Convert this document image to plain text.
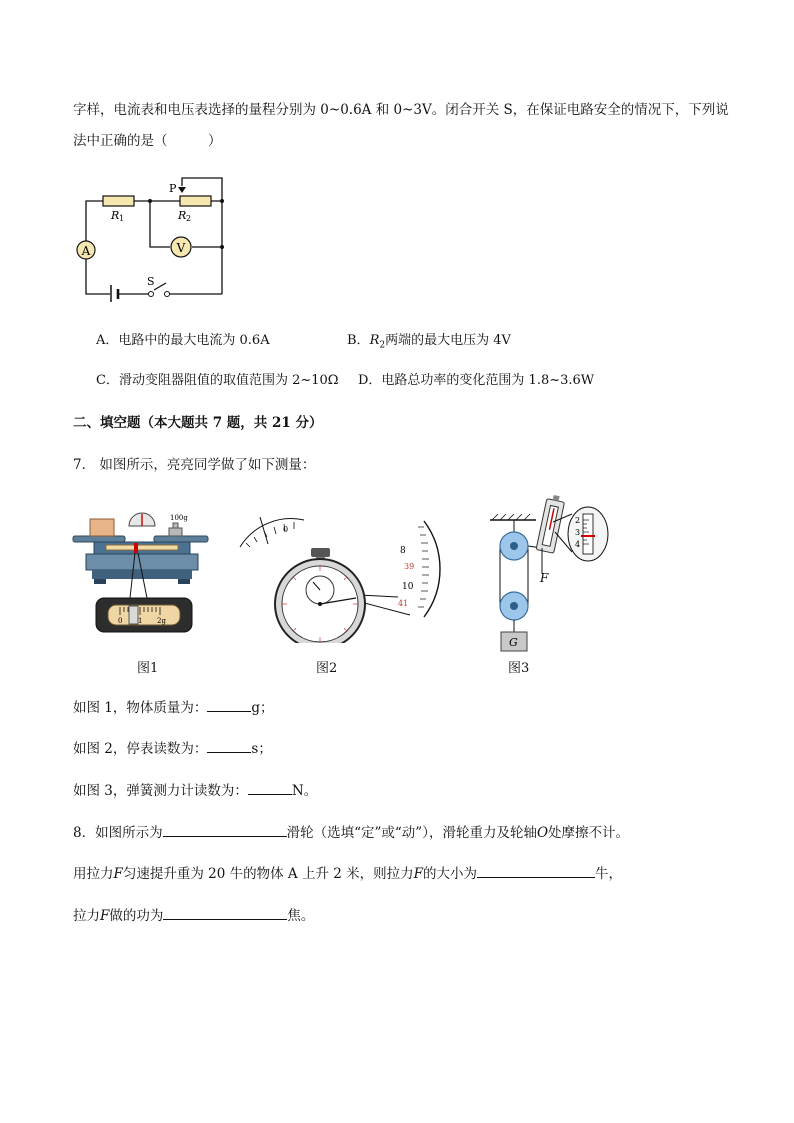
字样，电流表和电压表选择的量程分别为 0~0.6A 和 0~3V。闭合开关 S，在保证电路安全的情况下，下列说
法中正确的是（　　　）
A	V
R 1	R 2
P
S
A．电路中的最大电流为 0.6A	B．$R_2$两端的最大电压为 4V
C．滑动变阻器阻值的取值范围为 2~10Ω D．电路总功率的变化范围为 1.8~3.6W
二、填空题（本大题共 7 题，共 21 分）
7． 如图所示，亮亮同学做了如下测量：
100g
0 1 2g
图1
0
8
39
10
41
图2
G
F
2
3
4
图3
如图 1，物体质量为：	g；
如图 2，停表读数为：	s；
如图 3，弹簧测力计读数为：	N。
8．如图所示为	滑轮（选填“定”或“动”），滑轮重力及轮轴O处摩擦不计。
用拉力F匀速提升重为 20 牛的物体 A 上升 2 米，则拉力F的大小为	牛，
拉力F做的功为	焦。
